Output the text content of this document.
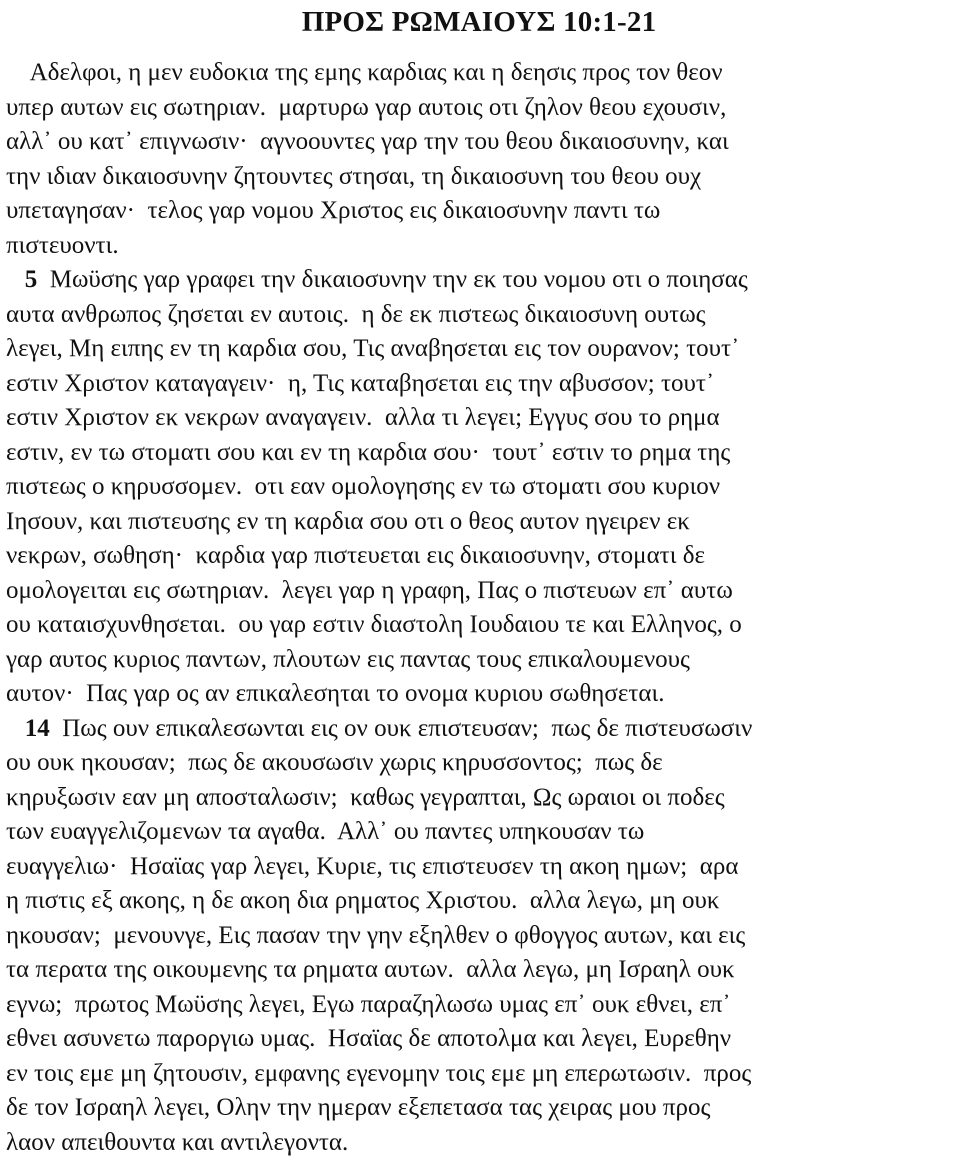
ΠΡΟΣ ΡΩΜΑΙΟΥΣ 10:1-21
Αδελφοι, η μεν ευδοκια της εμης καρδιας και η δεησις προς τον θεον
υπερ αυτων εις σωτηριαν.  μαρτυρω γαρ αυτοις οτι ζηλον θεου εχουσιν,
αλλ᾽ ου κατ᾽ επιγνωσιν·  αγνοουντες γαρ την του θεου δικαιοσυνην, και
την ιδιαν δικαιοσυνην ζητουντες στησαι, τη δικαιοσυνη του θεου ουχ
υπεταγησαν·  τελος γαρ νομου Χριστος εις δικαιοσυνην παντι τω
πιστευοντι.
5  Μωϋσης γαρ γραφει την δικαιοσυνην την εκ του νομου οτι ο ποιησας
αυτα ανθρωπος ζησεται εν αυτοις.  η δε εκ πιστεως δικαιοσυνη ουτως
λεγει, Μη ειπης εν τη καρδια σου, Τις αναβησεται εις τον ουρανον; τουτ᾽
εστιν Χριστον καταγαγειν·  η, Τις καταβησεται εις την αβυσσον; τουτ᾽
εστιν Χριστον εκ νεκρων αναγαγειν.  αλλα τι λεγει; Εγγυς σου το ρημα
εστιν, εν τω στοματι σου και εν τη καρδια σου·  τουτ᾽ εστιν το ρημα της
πιστεως ο κηρυσσομεν.  οτι εαν ομολογησης εν τω στοματι σου κυριον
Ιησουν, και πιστευσης εν τη καρδια σου οτι ο θεος αυτον ηγειρεν εκ
νεκρων, σωθηση·  καρδια γαρ πιστευεται εις δικαιοσυνην, στοματι δε
ομολογειται εις σωτηριαν.  λεγει γαρ η γραφη, Πας ο πιστευων επ᾽ αυτω
ου καταισχυνθησεται.  ου γαρ εστιν διαστολη Ιουδαιου τε και Ελληνος, ο
γαρ αυτος κυριος παντων, πλουτων εις παντας τους επικαλουμενους
αυτον·  Πας γαρ ος αν επικαλεσηται το ονομα κυριου σωθησεται.
14  Πως ουν επικαλεσωνται εις ον ουκ επιστευσαν;  πως δε πιστευσωσιν
ου ουκ ηκουσαν;  πως δε ακουσωσιν χωρις κηρυσσοντος;  πως δε
κηρυξωσιν εαν μη αποσταλωσιν;  καθως γεγραπται, Ως ωραιοι οι ποδες
των ευαγγελιζομενων τα αγαθα.  Αλλ᾽ ου παντες υπηκουσαν τω
ευαγγελιω·  Ησαϊας γαρ λεγει, Κυριε, τις επιστευσεν τη ακοη ημων;  αρα
η πιστις εξ ακοης, η δε ακοη δια ρηματος Χριστου.  αλλα λεγω, μη ουκ
ηκουσαν;  μενουνγε, Εις πασαν την γην εξηλθεν ο φθογγος αυτων, και εις
τα περατα της οικουμενης τα ρηματα αυτων.  αλλα λεγω, μη Ισραηλ ουκ
εγνω;  πρωτος Μωϋσης λεγει, Εγω παραζηλωσω υμας επ᾽ ουκ εθνει, επ᾽
εθνει ασυνετω παροργιω υμας.  Ησαϊας δε αποτολμα και λεγει, Ευρεθην
εν τοις εμε μη ζητουσιν, εμφανης εγενομην τοις εμε μη επερωτωσιν.  προς
δε τον Ισραηλ λεγει, Ολην την ημεραν εξεπετασα τας χειρας μου προς
λαον απειθουντα και αντιλεγοντα.
